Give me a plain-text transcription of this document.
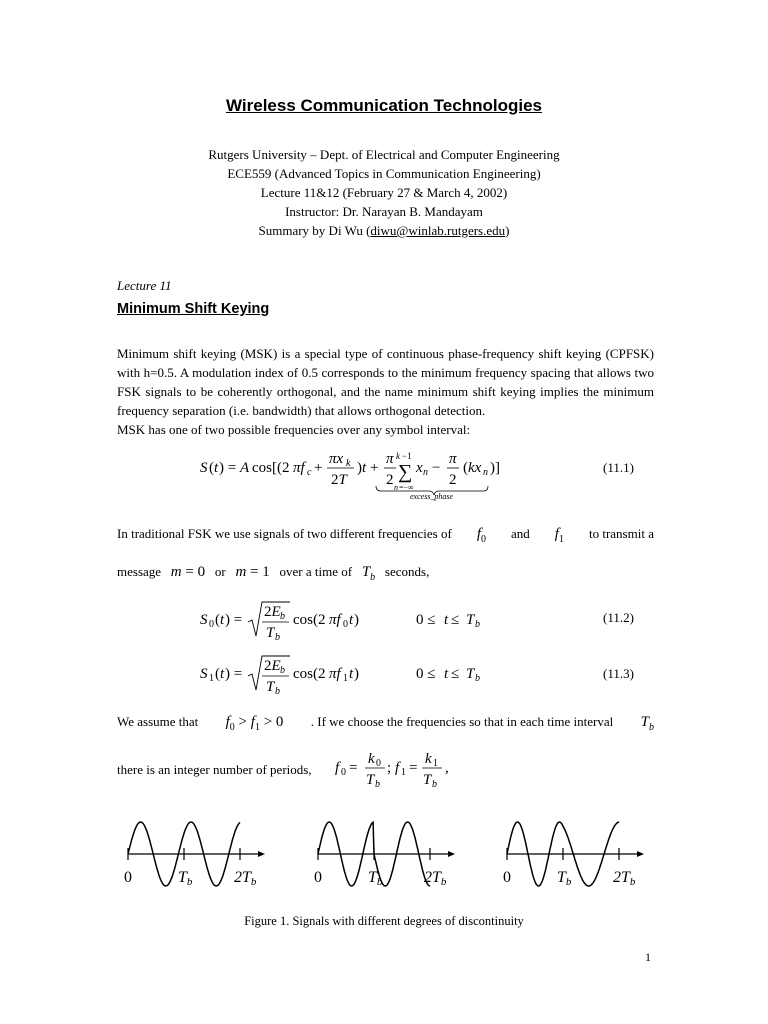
Wireless Communication Technologies
Rutgers University – Dept. of Electrical and Computer Engineering
ECE559 (Advanced Topics in Communication Engineering)
Lecture 11&12 (February 27 & March 4, 2002)
Instructor: Dr. Narayan B. Mandayam
Summary by Di Wu (diwu@winlab.rutgers.edu)
Lecture 11
Minimum Shift Keying
Minimum shift keying (MSK) is a special type of continuous phase-frequency shift keying (CPFSK) with h=0.5. A modulation index of 0.5 corresponds to the minimum frequency spacing that allows two FSK signals to be coherently orthogonal, and the name minimum shift keying implies the minimum frequency separation (i.e. bandwidth) that allows orthogonal detection.
MSK has one of two possible frequencies over any symbol interval:
S ( t ) = A cos[(2 πf c +
πx k
2T
) t +
π
2
k −1
∑
n =−∞
x n −
π
2
( kx n )]
excess_phase
(11.1)
In traditional FSK we use signals of two different frequencies of $f_0$ and $f_1$ to transmit a
message m = 0 or m = 1 over a time of $T_b$ seconds,
S 0 ( t ) = 2E b
T b
cos(2 πf 0 t )	0 ≤ t ≤ T b	(11.2)
S 1 ( t ) = 2E b
T b
cos(2 πf 1 t )	0 ≤ t ≤ T b	(11.3)
We assume that $f_0 > f_1 > 0$ . If we choose the frequencies so that in each time interval $T_b$
there is an integer number of periods, f 0 =
k 0
T b
; f 1 =
k 1
T b
,
0	Tb	2Tb	0	Tb	2Tb	0	Tb	2Tb
Figure 1. Signals with different degrees of discontinuity
1
